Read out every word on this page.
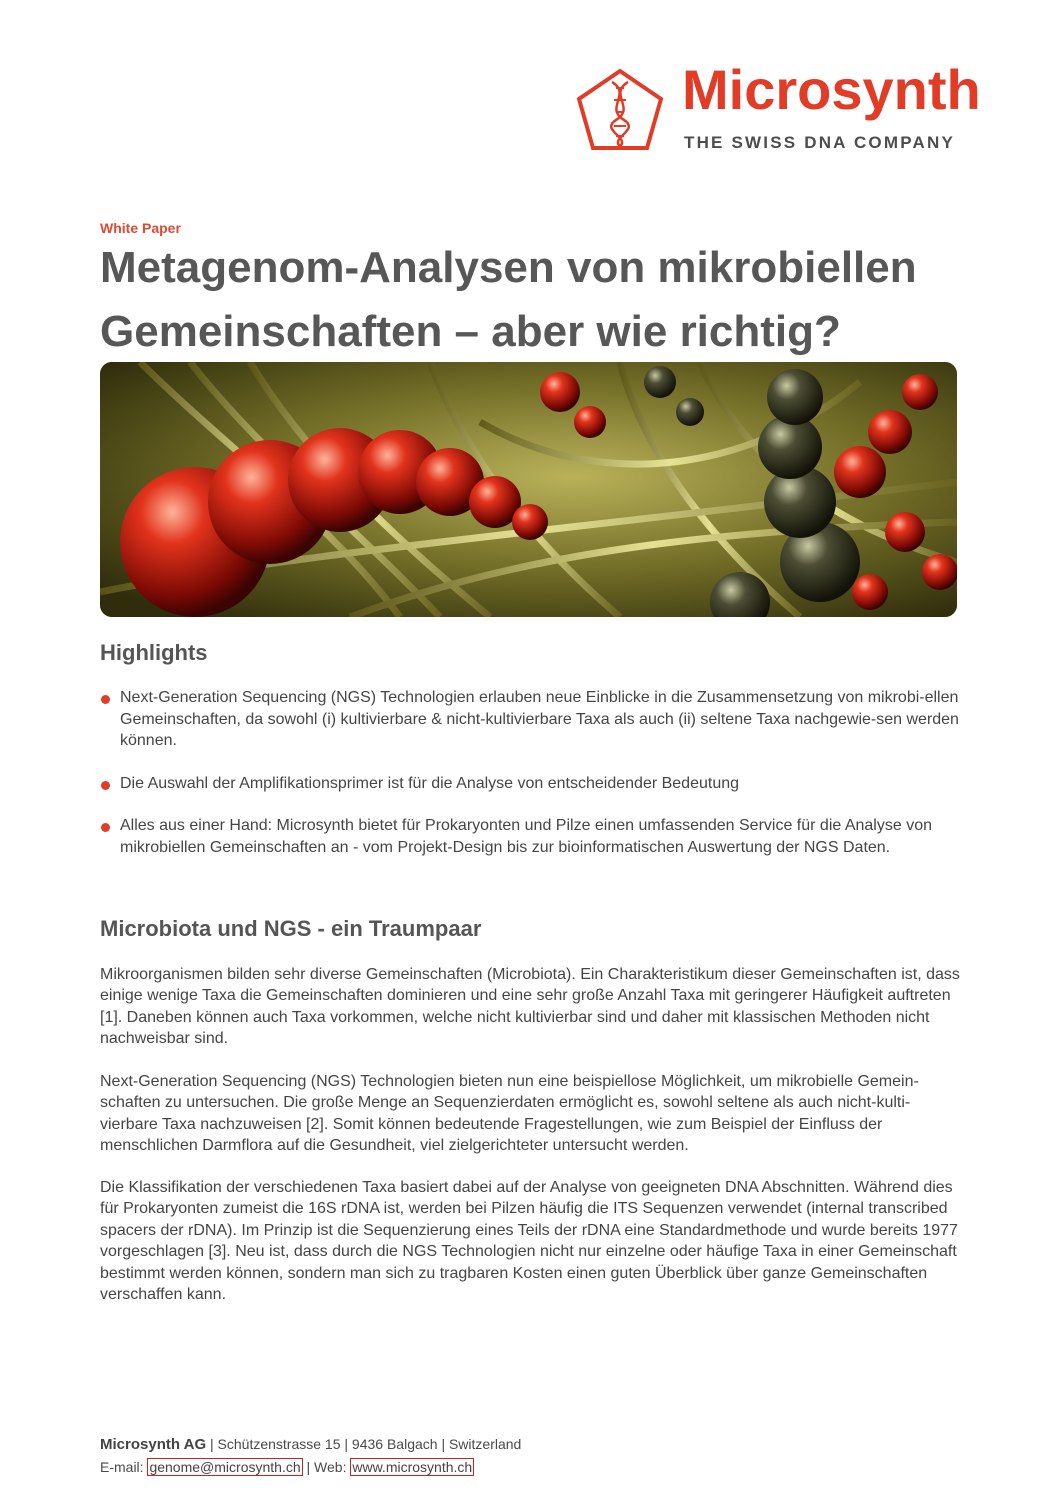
Microsynth
THE SWISS DNA COMPANY
White Paper
Metagenom-Analysen von mikrobiellen Gemeinschaften – aber wie richtig?
Highlights
Next-Generation Sequencing (NGS) Technologien erlauben neue Einblicke in die Zusammensetzung von mikrobi-ellen Gemeinschaften, da sowohl (i) kultivierbare & nicht-kultivierbare Taxa als auch (ii) seltene Taxa nachgewie-sen werden können.
Die Auswahl der Amplifikationsprimer ist für die Analyse von entscheidender Bedeutung
Alles aus einer Hand: Microsynth bietet für Prokaryonten und Pilze einen umfassenden Service für die Analyse von mikrobiellen Gemeinschaften an - vom Projekt-Design bis zur bioinformatischen Auswertung der NGS Daten.
Microbiota und NGS - ein Traumpaar

Mikroorganismen bilden sehr diverse Gemeinschaften (Microbiota). Ein Charakteristikum dieser Gemeinschaften ist, dass einige wenige Taxa die Gemeinschaften dominieren und eine sehr große Anzahl Taxa mit geringerer Häufigkeit auftreten [1]. Daneben können auch Taxa vorkommen, welche nicht kultivierbar sind und daher mit klassischen Methoden nicht nachweisbar sind.

Next-Generation Sequencing (NGS) Technologien bieten nun eine beispiellose Möglichkeit, um mikrobielle Gemein-schaften zu untersuchen. Die große Menge an Sequenzierdaten ermöglicht es, sowohl seltene als auch nicht-kulti-vierbare Taxa nachzuweisen [2]. Somit können bedeutende Fragestellungen, wie zum Beispiel der Einfluss der menschlichen Darmflora auf die Gesundheit, viel zielgerichteter untersucht werden.

Die Klassifikation der verschiedenen Taxa basiert dabei auf der Analyse von geeigneten DNA Abschnitten. Während dies für Prokaryonten zumeist die 16S rDNA ist, werden bei Pilzen häufig die ITS Sequenzen verwendet (internal transcribed spacers der rDNA). Im Prinzip ist die Sequenzierung eines Teils der rDNA eine Standardmethode und wurde bereits 1977 vorgeschlagen [3]. Neu ist, dass durch die NGS Technologien nicht nur einzelne oder häufige Taxa in einer Gemeinschaft bestimmt werden können, sondern man sich zu tragbaren Kosten einen guten Überblick über ganze Gemeinschaften verschaffen kann.

Microsynth AG | Schützenstrasse 15 | 9436 Balgach | Switzerland
E-mail: genome@microsynth.ch | Web: www.microsynth.ch
